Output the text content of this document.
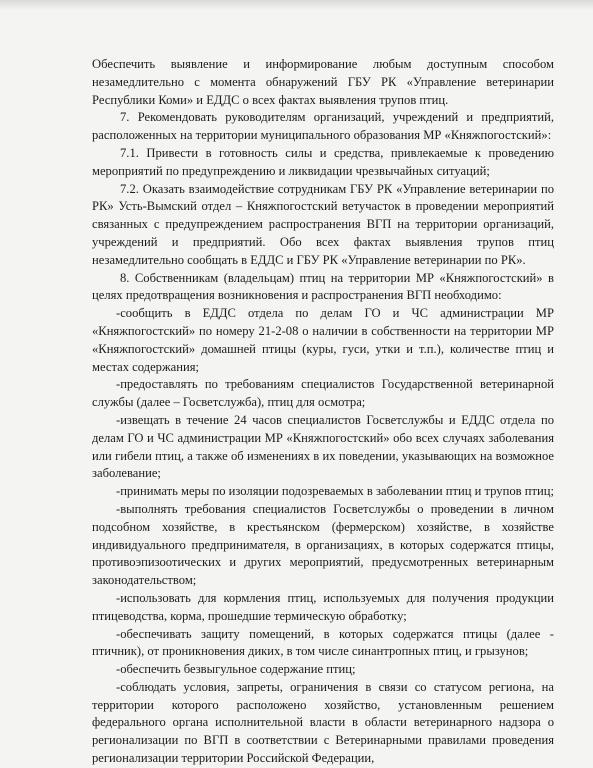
Обеспечить выявление и информирование любым доступным способом незамедлительно с момента обнаружений ГБУ РК «Управление ветеринарии Республики Коми» и ЕДДС о всех фактах выявления трупов птиц.

7. Рекомендовать руководителям организаций, учреждений и предприятий, расположенных на территории муниципального образования МР «Княжпогостский»:

7.1. Привести в готовность силы и средства, привлекаемые к проведению мероприятий по предупреждению и ликвидации чрезвычайных ситуаций;

7.2. Оказать взаимодействие сотрудникам ГБУ РК «Управление ветеринарии по РК» Усть-Вымский отдел – Княжпогостский ветучасток в проведении мероприятий связанных с предупреждением распространения ВГП на территории организаций, учреждений и предприятий. Обо всех фактах выявления трупов птиц незамедлительно сообщать в ЕДДС и ГБУ РК «Управление ветеринарии по РК».

8. Собственникам (владельцам) птиц на территории МР «Княжпогостский» в целях предотвращения возникновения и распространения ВГП необходимо:

-сообщить в ЕДДС отдела по делам ГО и ЧС администрации МР «Княжпогостский» по номеру 21-2-08 о наличии в собственности на территории МР «Княжпогостский» домашней птицы (куры, гуси, утки и т.п.), количестве птиц и местах содержания;

-предоставлять по требованиям специалистов Государственной ветеринарной службы (далее – Госветслужба), птиц для осмотра;

-извещать в течение 24 часов специалистов Госветслужбы и ЕДДС отдела по делам ГО и ЧС администрации МР «Княжпогостский» обо всех случаях заболевания или гибели птиц, а также об изменениях в их поведении, указывающих на возможное заболевание;

-принимать меры по изоляции подозреваемых в заболевании птиц и трупов птиц;

-выполнять требования специалистов Госветслужбы о проведении в личном подсобном хозяйстве, в крестьянском (фермерском) хозяйстве, в хозяйстве индивидуального предпринимателя, в организациях, в которых содержатся птицы, противоэпизоотических и других мероприятий, предусмотренных ветеринарным законодательством;

-использовать для кормления птиц, используемых для получения продукции птицеводства, корма, прошедшие термическую обработку;

-обеспечивать защиту помещений, в которых содержатся птицы (далее - птичник), от проникновения диких, в том числе синантропных птиц, и грызунов;

-обеспечить безвыгульное содержание птиц;

-соблюдать условия, запреты, ограничения в связи со статусом региона, на территории которого расположено хозяйство, установленным решением федерального органа исполнительной власти в области ветеринарного надзора о регионализации по ВГП в соответствии с Ветеринарными правилами проведения регионализации территории Российской Федерации,
